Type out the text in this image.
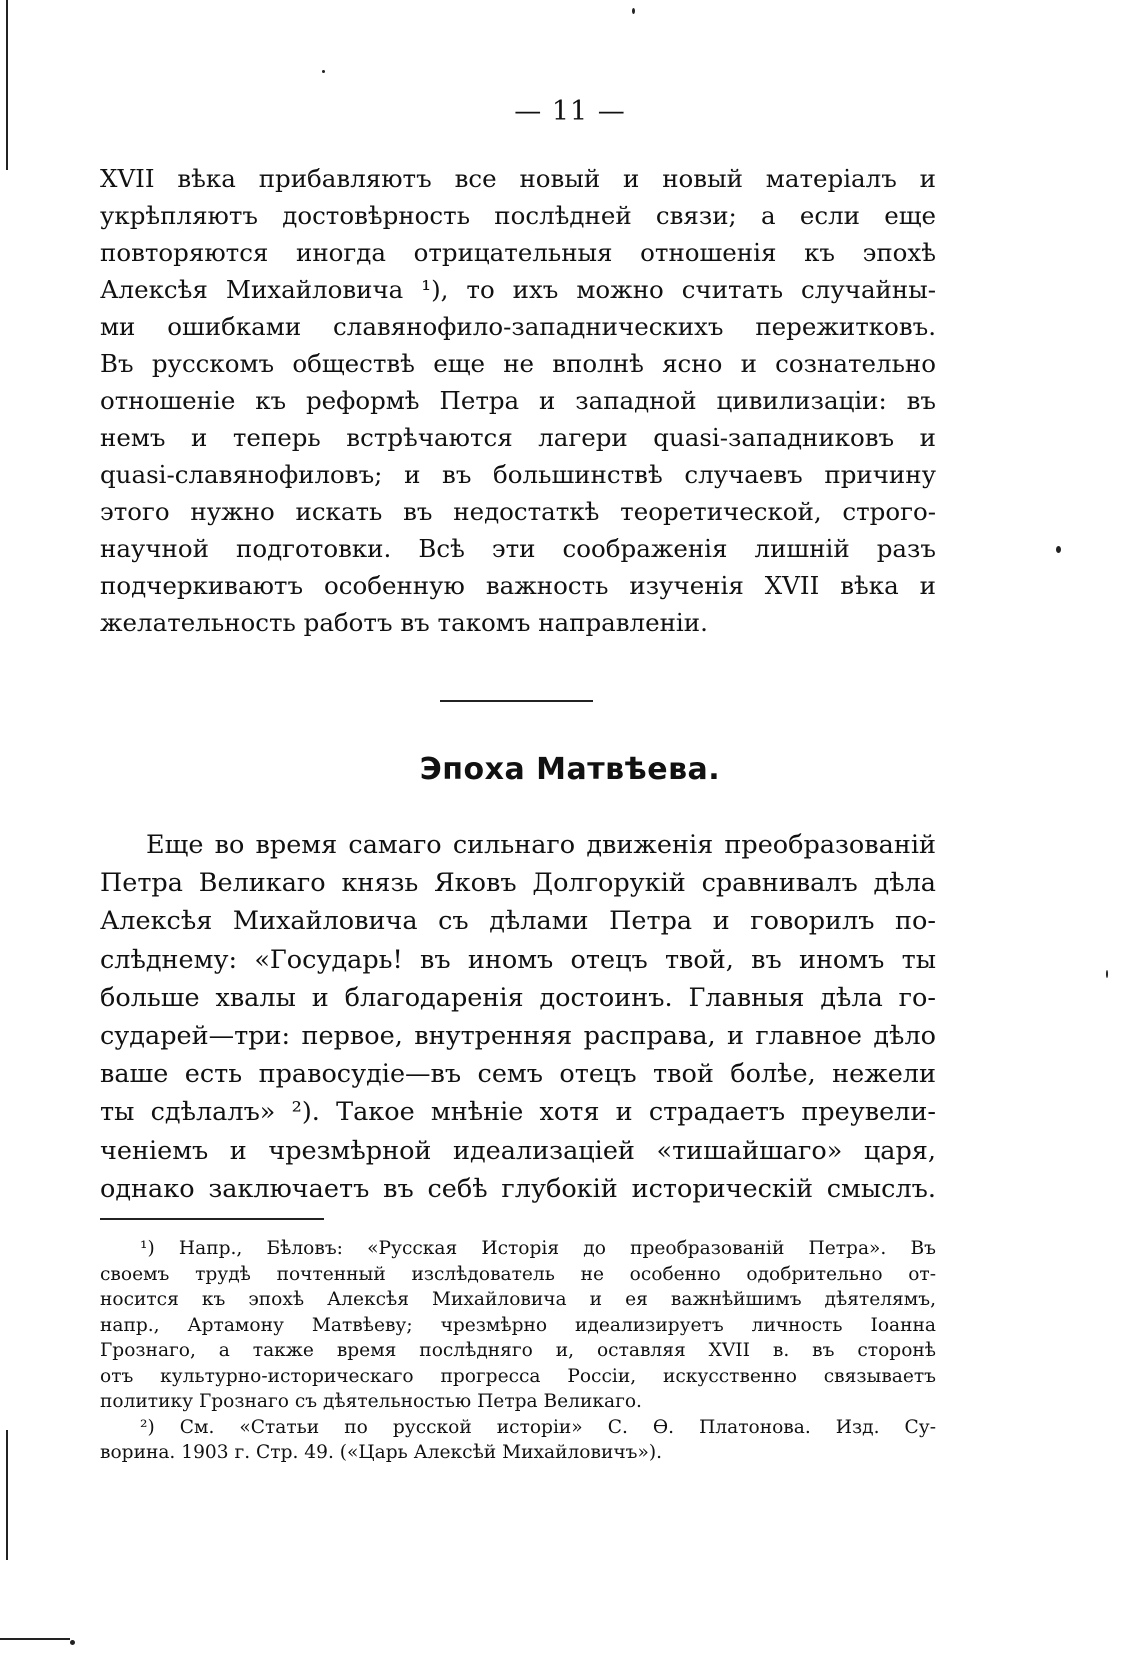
— 11 —
XVII вѣка прибавляютъ все новый и новый матеріалъ и
укрѣпляютъ достовѣрность послѣдней связи; а если еще
повторяются иногда отрицательныя отношенія къ эпохѣ
Алексѣя Михайловича ¹), то ихъ можно считать случайны-
ми ошибками славянофило-западническихъ пережитковъ.
Въ русскомъ обществѣ еще не вполнѣ ясно и сознательно
отношеніе къ реформѣ Петра и западной цивилизаціи: въ
немъ и теперь встрѣчаются лагери quasi-западниковъ и
quasi-славянофиловъ; и въ большинствѣ случаевъ причину
этого нужно искать въ недостаткѣ теоретической, строго-
научной подготовки. Всѣ эти соображенія лишній разъ
подчеркиваютъ особенную важность изученія XVII вѣка и
желательность работъ въ такомъ направленіи.
Эпоха Матвѣева.
Еще во время самаго сильнаго движенія преобразованій
Петра Великаго князь Яковъ Долгорукій сравнивалъ дѣла
Алексѣя Михайловича съ дѣлами Петра и говорилъ по-
слѣднему: «Государь! въ иномъ отецъ твой, въ иномъ ты
больше хвалы и благодаренія достоинъ. Главныя дѣла го-
сударей—три: первое, внутренняя расправа, и главное дѣло
ваше есть правосудіе—въ семъ отецъ твой болѣе, нежели
ты сдѣлалъ» ²). Такое мнѣніе хотя и страдаетъ преувели-
ченіемъ и чрезмѣрной идеализаціей «тишайшаго» царя,
однако заключаетъ въ себѣ глубокій историческій смыслъ.
¹) Напр., Бѣловъ: «Русская Исторія до преобразованій Петра». Въ
своемъ трудѣ почтенный изслѣдователь не особенно одобрительно от-
носится къ эпохѣ Алексѣя Михайловича и ея важнѣйшимъ дѣятелямъ,
напр., Артамону Матвѣеву; чрезмѣрно идеализируетъ личность Іоанна
Грознаго, а также время послѣдняго и, оставляя XVII в. въ сторонѣ
отъ культурно-историческаго прогресса Россіи, искусственно связываетъ
политику Грознаго съ дѣятельностью Петра Великаго.
²) См. «Статьи по русской исторіи» С. Ѳ. Платонова. Изд. Су-
ворина. 1903 г. Стр. 49. («Царь Алексѣй Михайловичъ»).
